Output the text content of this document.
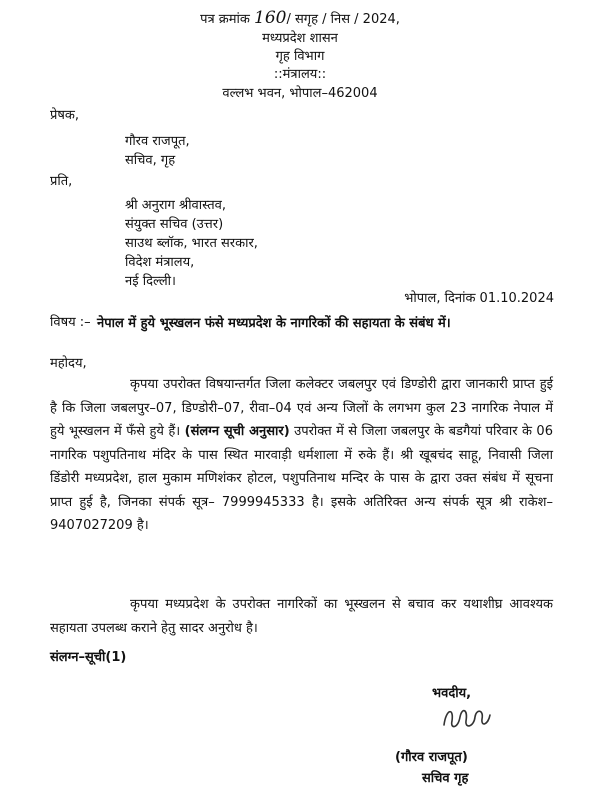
पत्र क्रमांक 160/ सगृह / निस / 2024,
मध्यप्रदेश शासन
गृह विभाग
::मंत्रालय::
वल्लभ भवन, भोपाल–462004
प्रेषक,
गौरव राजपूत,
सचिव, गृह
प्रति,
श्री अनुराग श्रीवास्तव,
संयुक्त सचिव (उत्तर)
साउथ ब्लॉक, भारत सरकार,
विदेश मंत्रालय,
नई दिल्ली।
भोपाल, दिनांक 01.10.2024
विषय :– नेपाल में हुये भूस्खलन फंसे मध्यप्रदेश के नागरिकों की सहायता के संबंध में।
महोदय,
कृपया उपरोक्त विषयान्तर्गत जिला कलेक्टर जबलपुर एवं डिण्डोरी द्वारा जानकारी प्राप्त हुई है कि जिला जबलपुर–07, डिण्डोरी–07, रीवा–04 एवं अन्य जिलों के लगभग कुल 23 नागरिक नेपाल में हुये भूस्खलन में फँसे हुये हैं। (संलग्न सूची अनुसार) उपरोक्त में से जिला जबलपुर के बडगैयां परिवार के 06 नागरिक पशुपतिनाथ मंदिर के पास स्थित मारवाड़ी धर्मशाला में रुके हैं। श्री खूबचंद साहू, निवासी जिला डिंडोरी मध्यप्रदेश, हाल मुकाम मणिशंकर होटल, पशुपतिनाथ मन्दिर के पास के द्वारा उक्त संबंध में सूचना प्राप्त हुई है, जिनका संपर्क सूत्र– 7999945333 है। इसके अतिरिक्त अन्य संपर्क सूत्र श्री राकेश– 9407027209 है।
कृपया मध्यप्रदेश के उपरोक्त नागरिकों का भूस्खलन से बचाव कर यथाशीघ्र आवश्यक सहायता उपलब्ध कराने हेतु सादर अनुरोध है।
संलग्न–सूची(1)
भवदीय,
(गौरव राजपूत)
सचिव गृह
